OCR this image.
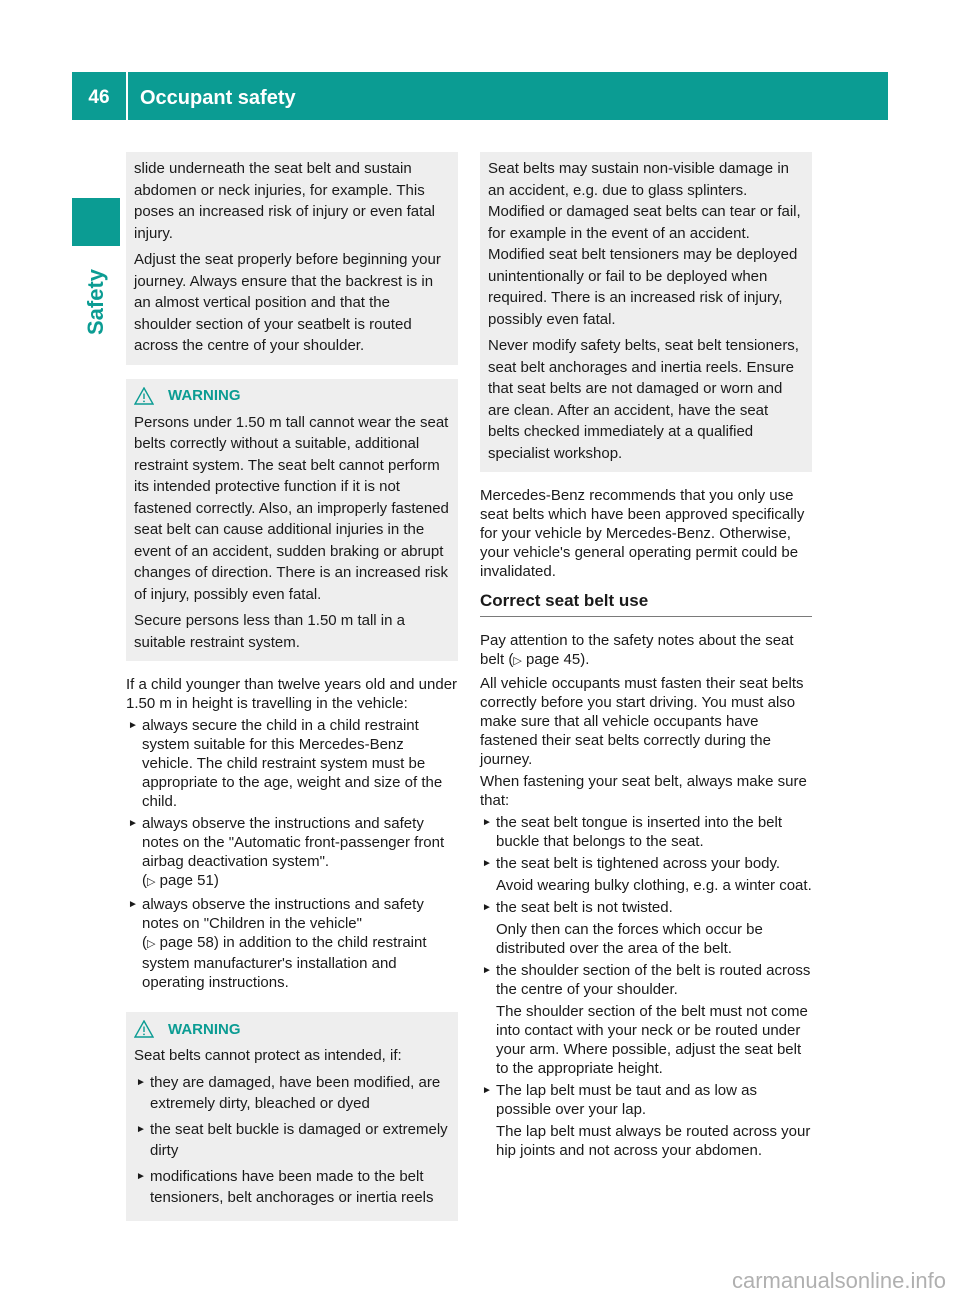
46	Occupant safety
Safety

slide underneath the seat belt and sustain abdomen or neck injuries, for example. This poses an increased risk of injury or even fatal injury.

Adjust the seat properly before beginning your journey. Always ensure that the backrest is in an almost vertical position and that the shoulder section of your seatbelt is routed across the centre of your shoulder.

WARNING

Persons under 1.50 m tall cannot wear the seat belts correctly without a suitable, additional restraint system. The seat belt cannot perform its intended protective function if it is not fastened correctly. Also, an improperly fastened seat belt can cause additional injuries in the event of an accident, sudden braking or abrupt changes of direction. There is an increased risk of injury, possibly even fatal.

Secure persons less than 1.50 m tall in a suitable restraint system.

If a child younger than twelve years old and under 1.50 m in height is travelling in the vehicle:

► always secure the child in a child restraint system suitable for this Mercedes-Benz vehicle. The child restraint system must be appropriate to the age, weight and size of the child.
► always observe the instructions and safety notes on the "Automatic front-passenger front airbag deactivation system".
(▷ page 51)
► always observe the instructions and safety notes on "Children in the vehicle"
(▷ page 58) in addition to the child restraint system manufacturer's installation and operating instructions.
WARNING

Seat belts cannot protect as intended, if:

► they are damaged, have been modified, are extremely dirty, bleached or dyed
► the seat belt buckle is damaged or extremely dirty
► modifications have been made to the belt tensioners, belt anchorages or inertia reels

Seat belts may sustain non-visible damage in an accident, e.g. due to glass splinters. Modified or damaged seat belts can tear or fail, for example in the event of an accident. Modified seat belt tensioners may be deployed unintentionally or fail to be deployed when required. There is an increased risk of injury, possibly even fatal.

Never modify safety belts, seat belt tensioners, seat belt anchorages and inertia reels. Ensure that seat belts are not damaged or worn and are clean. After an accident, have the seat belts checked immediately at a qualified specialist workshop.

Mercedes-Benz recommends that you only use seat belts which have been approved specifically for your vehicle by Mercedes-Benz. Otherwise, your vehicle's general operating permit could be invalidated.

Correct seat belt use

Pay attention to the safety notes about the seat belt (▷ page 45).

All vehicle occupants must fasten their seat belts correctly before you start driving. You must also make sure that all vehicle occupants have fastened their seat belts correctly during the journey.

When fastening your seat belt, always make sure that:

► the seat belt tongue is inserted into the belt buckle that belongs to the seat.
► the seat belt is tightened across your body.
Avoid wearing bulky clothing, e.g. a winter coat.
► the seat belt is not twisted.
Only then can the forces which occur be distributed over the area of the belt.
► the shoulder section of the belt is routed across the centre of your shoulder.
The shoulder section of the belt must not come into contact with your neck or be routed under your arm. Where possible, adjust the seat belt to the appropriate height.
► The lap belt must be taut and as low as possible over your lap.
The lap belt must always be routed across your hip joints and not across your abdomen.
carmanualsonline.info
